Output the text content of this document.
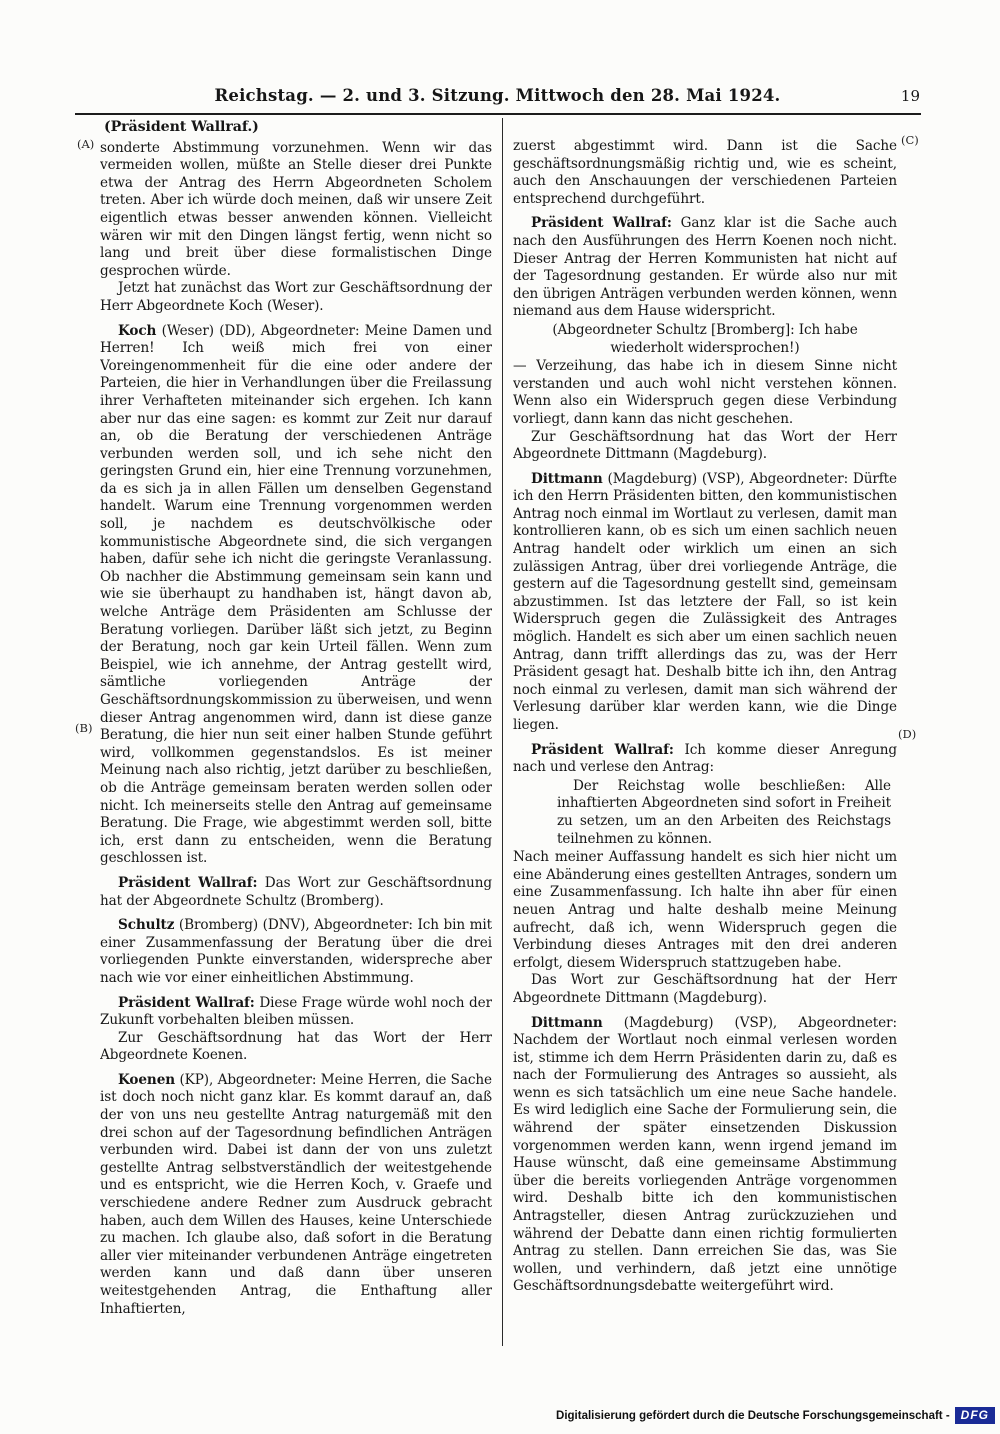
Reichstag. — 2. und 3. Sitzung. Mittwoch den 28. Mai 1924.	19
(A)
(B)
(C)
(D)

(Präsident Wallraf.)

sonderte Abstimmung vorzunehmen. Wenn wir das vermeiden wollen, müßte an Stelle dieser drei Punkte etwa der Antrag des Herrn Abgeordneten Scholem treten. Aber ich würde doch meinen, daß wir unsere Zeit eigentlich etwas besser anwenden können. Vielleicht wären wir mit den Dingen längst fertig, wenn nicht so lang und breit über diese formalistischen Dinge gesprochen würde.

Jetzt hat zunächst das Wort zur Geschäftsordnung der Herr Abgeordnete Koch (Weser).

Koch (Weser) (DD), Abgeordneter: Meine Damen und Herren! Ich weiß mich frei von einer Voreingenommenheit für die eine oder andere der Parteien, die hier in Verhandlungen über die Freilassung ihrer Verhafteten miteinander sich ergehen. Ich kann aber nur das eine sagen: es kommt zur Zeit nur darauf an, ob die Beratung der verschiedenen Anträge verbunden werden soll, und ich sehe nicht den geringsten Grund ein, hier eine Trennung vorzunehmen, da es sich ja in allen Fällen um denselben Gegenstand handelt. Warum eine Trennung vorgenommen werden soll, je nachdem es deutschvölkische oder kommunistische Abgeordnete sind, die sich vergangen haben, dafür sehe ich nicht die geringste Veranlassung. Ob nachher die Abstimmung gemeinsam sein kann und wie sie überhaupt zu handhaben ist, hängt davon ab, welche Anträge dem Präsidenten am Schlusse der Beratung vorliegen. Darüber läßt sich jetzt, zu Beginn der Beratung, noch gar kein Urteil fällen. Wenn zum Beispiel, wie ich annehme, der Antrag gestellt wird, sämtliche vorliegenden Anträge der Geschäftsordnungskommission zu überweisen, und wenn dieser Antrag angenommen wird, dann ist diese ganze Beratung, die hier nun seit einer halben Stunde geführt wird, vollkommen gegenstandslos. Es ist meiner Meinung nach also richtig, jetzt darüber zu beschließen, ob die Anträge gemeinsam beraten werden sollen oder nicht. Ich meinerseits stelle den Antrag auf gemeinsame Beratung. Die Frage, wie abgestimmt werden soll, bitte ich, erst dann zu entscheiden, wenn die Beratung geschlossen ist.

Präsident Wallraf: Das Wort zur Geschäftsordnung hat der Abgeordnete Schultz (Bromberg).

Schultz (Bromberg) (DNV), Abgeordneter: Ich bin mit einer Zusammenfassung der Beratung über die drei vorliegenden Punkte einverstanden, widerspreche aber nach wie vor einer einheitlichen Abstimmung.

Präsident Wallraf: Diese Frage würde wohl noch der Zukunft vorbehalten bleiben müssen.

Zur Geschäftsordnung hat das Wort der Herr Abgeordnete Koenen.

Koenen (KP), Abgeordneter: Meine Herren, die Sache ist doch noch nicht ganz klar. Es kommt darauf an, daß der von uns neu gestellte Antrag naturgemäß mit den drei schon auf der Tagesordnung befindlichen Anträgen verbunden wird. Dabei ist dann der von uns zuletzt gestellte Antrag selbstverständlich der weitestgehende und es entspricht, wie die Herren Koch, v. Graefe und verschiedene andere Redner zum Ausdruck gebracht haben, auch dem Willen des Hauses, keine Unterschiede zu machen. Ich glaube also, daß sofort in die Beratung aller vier miteinander verbundenen Anträge eingetreten werden kann und daß dann über unseren weitestgehenden Antrag, die Enthaftung aller Inhaftierten,

zuerst abgestimmt wird. Dann ist die Sache geschäftsordnungsmäßig richtig und, wie es scheint, auch den Anschauungen der verschiedenen Parteien entsprechend durchgeführt.

Präsident Wallraf: Ganz klar ist die Sache auch nach den Ausführungen des Herrn Koenen noch nicht. Dieser Antrag der Herren Kommunisten hat nicht auf der Tagesordnung gestanden. Er würde also nur mit den übrigen Anträgen verbunden werden können, wenn niemand aus dem Hause widerspricht.

(Abgeordneter Schultz [Bromberg]: Ich habe wiederholt widersprochen!)

— Verzeihung, das habe ich in diesem Sinne nicht verstanden und auch wohl nicht verstehen können. Wenn also ein Widerspruch gegen diese Verbindung vorliegt, dann kann das nicht geschehen.

Zur Geschäftsordnung hat das Wort der Herr Abgeordnete Dittmann (Magdeburg).

Dittmann (Magdeburg) (VSP), Abgeordneter: Dürfte ich den Herrn Präsidenten bitten, den kommunistischen Antrag noch einmal im Wortlaut zu verlesen, damit man kontrollieren kann, ob es sich um einen sachlich neuen Antrag handelt oder wirklich um einen an sich zulässigen Antrag, über drei vorliegende Anträge, die gestern auf die Tagesordnung gestellt sind, gemeinsam abzustimmen. Ist das letztere der Fall, so ist kein Widerspruch gegen die Zulässigkeit des Antrages möglich. Handelt es sich aber um einen sachlich neuen Antrag, dann trifft allerdings das zu, was der Herr Präsident gesagt hat. Deshalb bitte ich ihn, den Antrag noch einmal zu verlesen, damit man sich während der Verlesung darüber klar werden kann, wie die Dinge liegen.

Präsident Wallraf: Ich komme dieser Anregung nach und verlese den Antrag:

Der Reichstag wolle beschließen: Alle inhaftierten Abgeordneten sind sofort in Freiheit zu setzen, um an den Arbeiten des Reichstags teilnehmen zu können.

Nach meiner Auffassung handelt es sich hier nicht um eine Abänderung eines gestellten Antrages, sondern um eine Zusammenfassung. Ich halte ihn aber für einen neuen Antrag und halte deshalb meine Meinung aufrecht, daß ich, wenn Widerspruch gegen die Verbindung dieses Antrages mit den drei anderen erfolgt, diesem Widerspruch stattzugeben habe.

Das Wort zur Geschäftsordnung hat der Herr Abgeordnete Dittmann (Magdeburg).

Dittmann (Magdeburg) (VSP), Abgeordneter: Nachdem der Wortlaut noch einmal verlesen worden ist, stimme ich dem Herrn Präsidenten darin zu, daß es nach der Formulierung des Antrages so aussieht, als wenn es sich tatsächlich um eine neue Sache handele. Es wird lediglich eine Sache der Formulierung sein, die während der später einsetzenden Diskussion vorgenommen werden kann, wenn irgend jemand im Hause wünscht, daß eine gemeinsame Abstimmung über die bereits vorliegenden Anträge vorgenommen wird. Deshalb bitte ich den kommunistischen Antragsteller, diesen Antrag zurückzuziehen und während der Debatte dann einen richtig formulierten Antrag zu stellen. Dann erreichen Sie das, was Sie wollen, und verhindern, daß jetzt eine unnötige Geschäftsordnungsdebatte weitergeführt wird.

Digitalisierung gefördert durch die Deutsche Forschungsgemeinschaft - DFG
